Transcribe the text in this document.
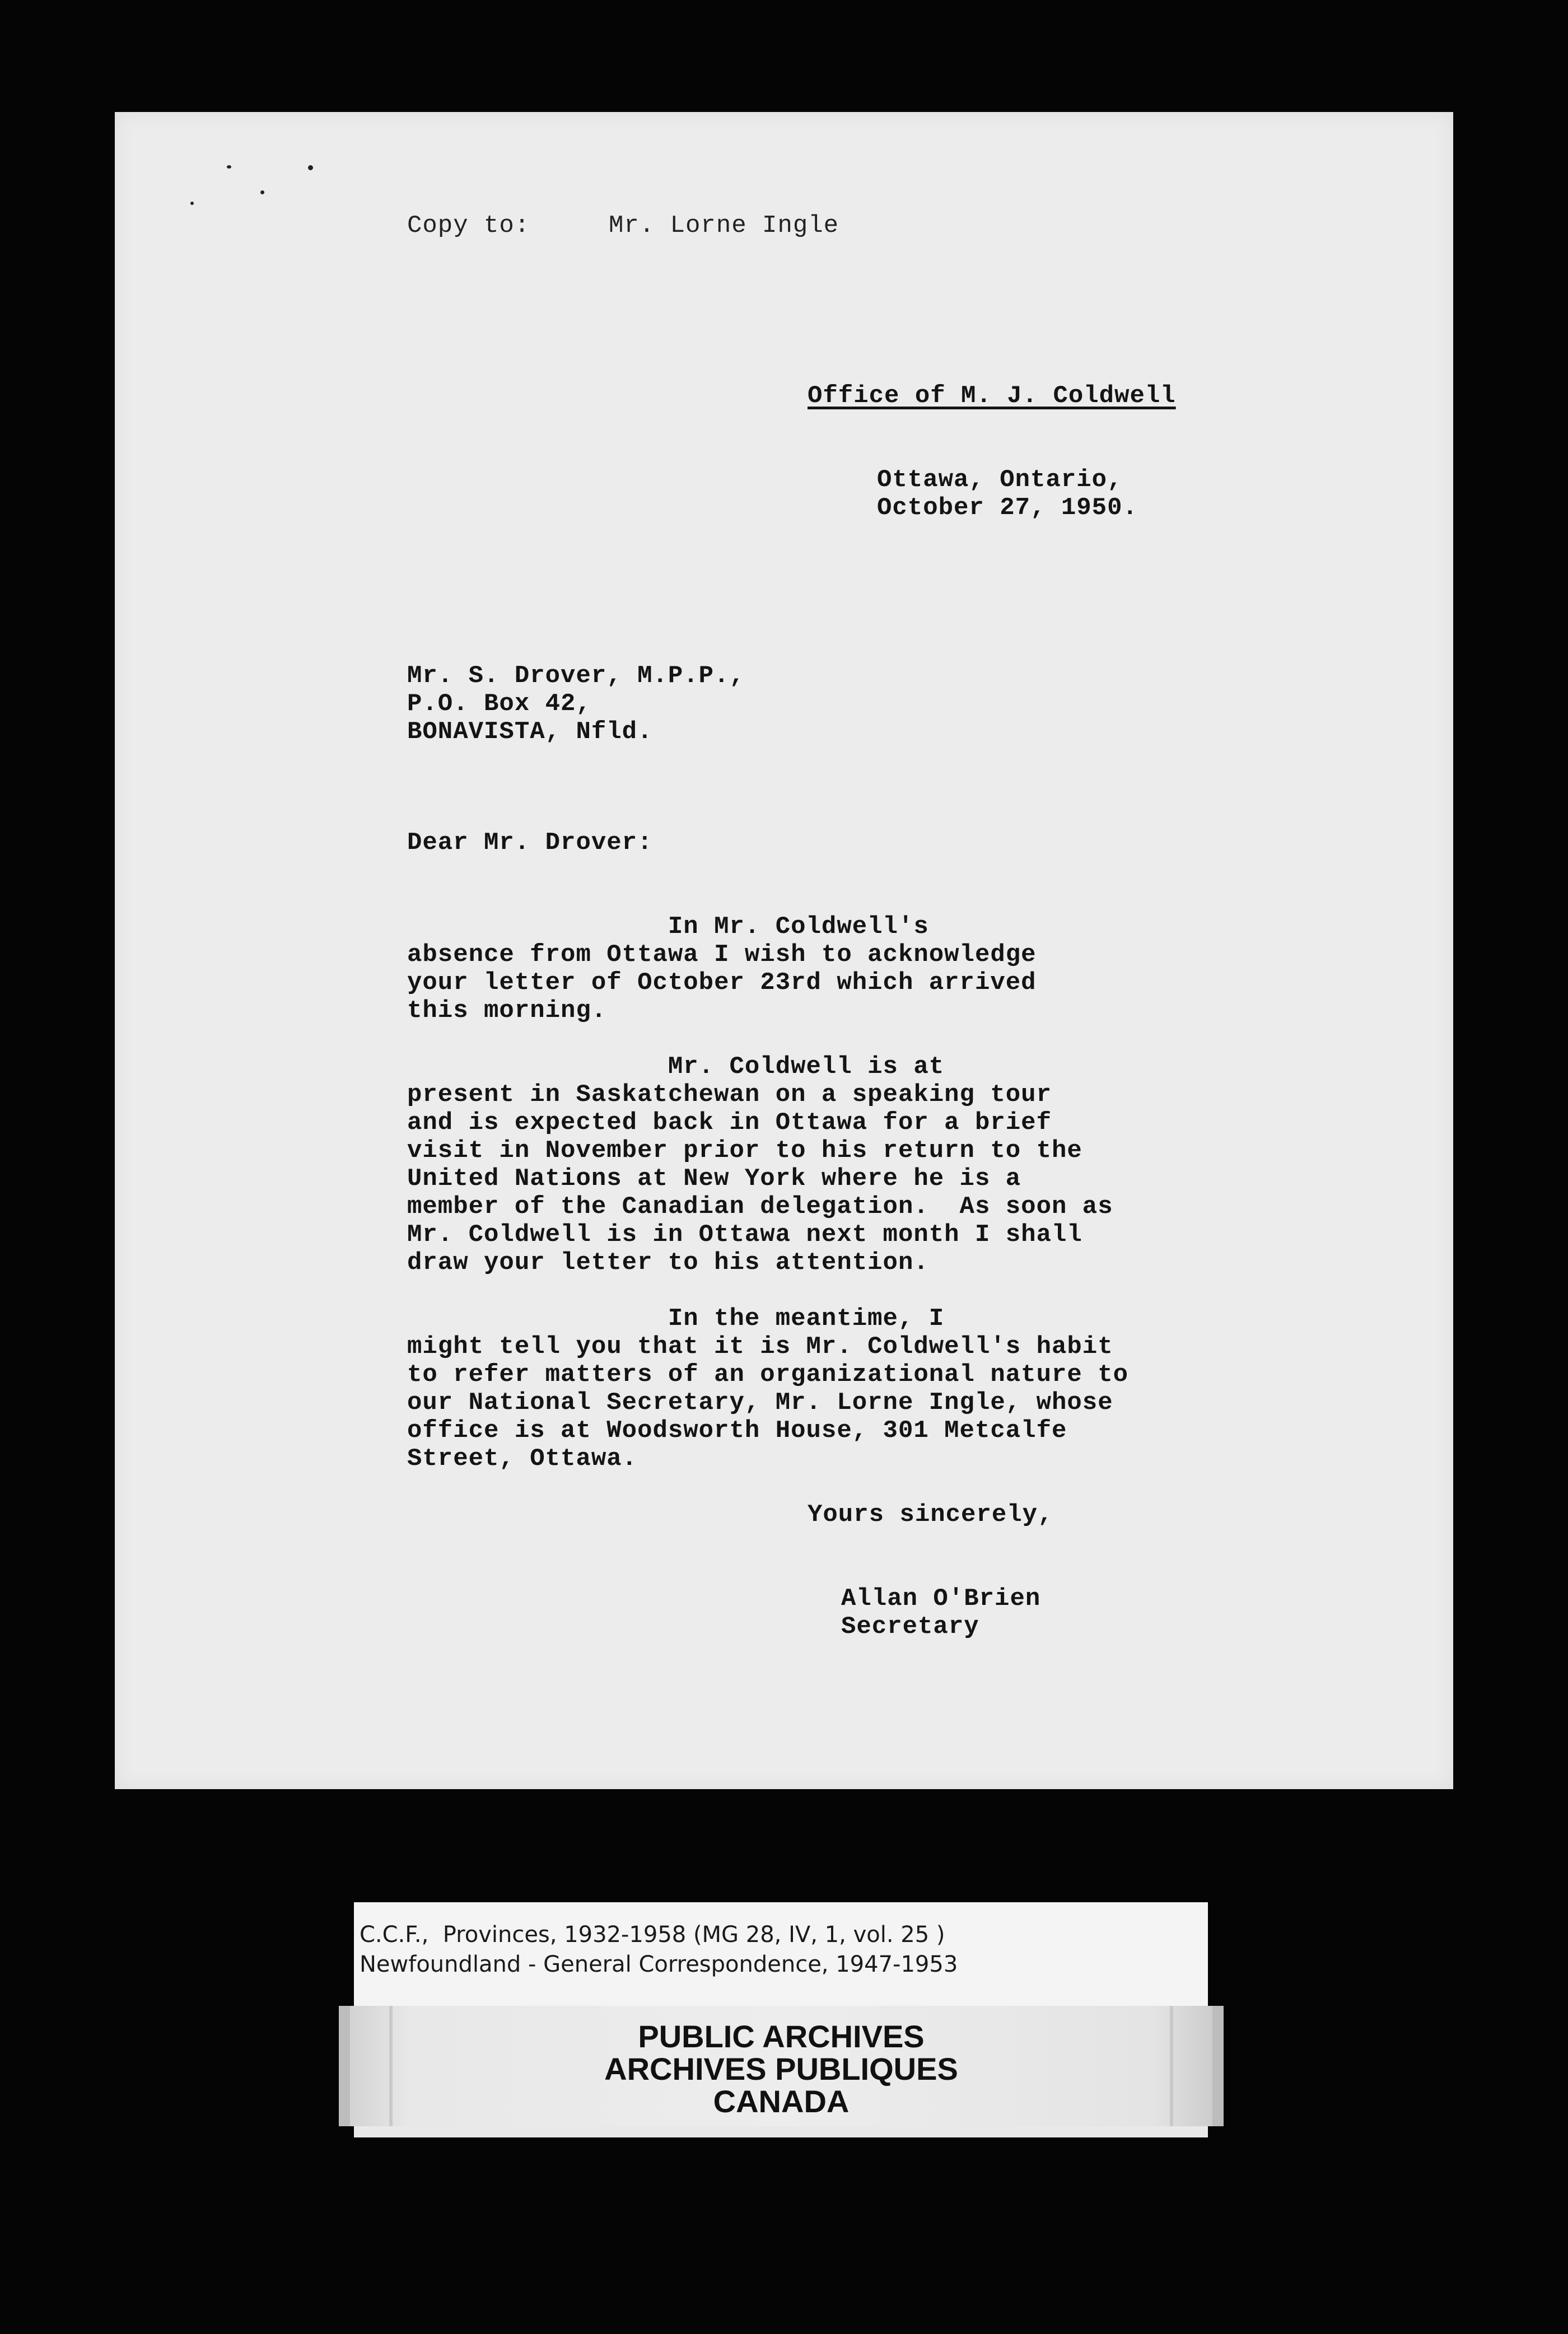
Copy to:	Mr. Lorne Ingle
Office of M. J. Coldwell
Ottawa, Ontario,
October 27, 1950.
Mr. S. Drover, M.P.P.,
P.O. Box 42,
BONAVISTA, Nfld.
Dear Mr. Drover:
In Mr. Coldwell's
absence from Ottawa I wish to acknowledge
your letter of October 23rd which arrived
this morning.
Mr. Coldwell is at
present in Saskatchewan on a speaking tour
and is expected back in Ottawa for a brief
visit in November prior to his return to the
United Nations at New York where he is a
member of the Canadian delegation.  As soon as
Mr. Coldwell is in Ottawa next month I shall
draw your letter to his attention.
In the meantime, I
might tell you that it is Mr. Coldwell's habit
to refer matters of an organizational nature to
our National Secretary, Mr. Lorne Ingle, whose
office is at Woodsworth House, 301 Metcalfe
Street, Ottawa.
Yours sincerely,
Allan O'Brien
Secretary
C.C.F.,  Provinces, 1932-1958 (MG 28, IV, 1, vol. 25 )
Newfoundland - General Correspondence, 1947-1953
PUBLIC ARCHIVES
ARCHIVES PUBLIQUES
CANADA
